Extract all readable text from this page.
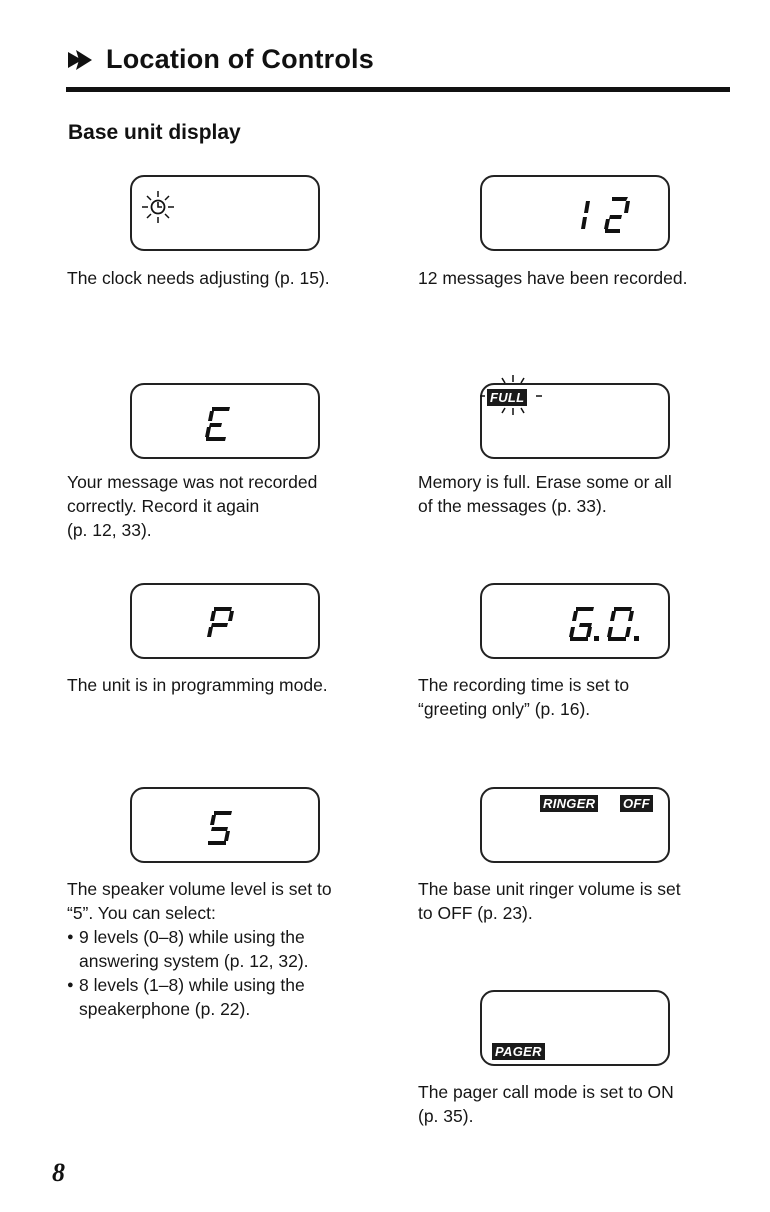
Location of Controls
Base unit display

The clock needs adjusting (p. 15).	12 messages have been recorded.

Your message was not recorded

correctly. Record it again

(p. 12, 33).

FULL

Memory is full. Erase some or all

of the messages (p. 33).

The unit is in programming mode.	The recording time is set to

“greeting only” (p. 16).

The speaker volume level is set to

“5”. You can select:

● 9 levels (0–8) while using the
answering system (p. 12, 32).
● 8 levels (1–8) while using the
speakerphone (p. 22).
RINGER OFF

The base unit ringer volume is set

to OFF (p. 23).

PAGER

The pager call mode is set to ON

(p. 35).

8
